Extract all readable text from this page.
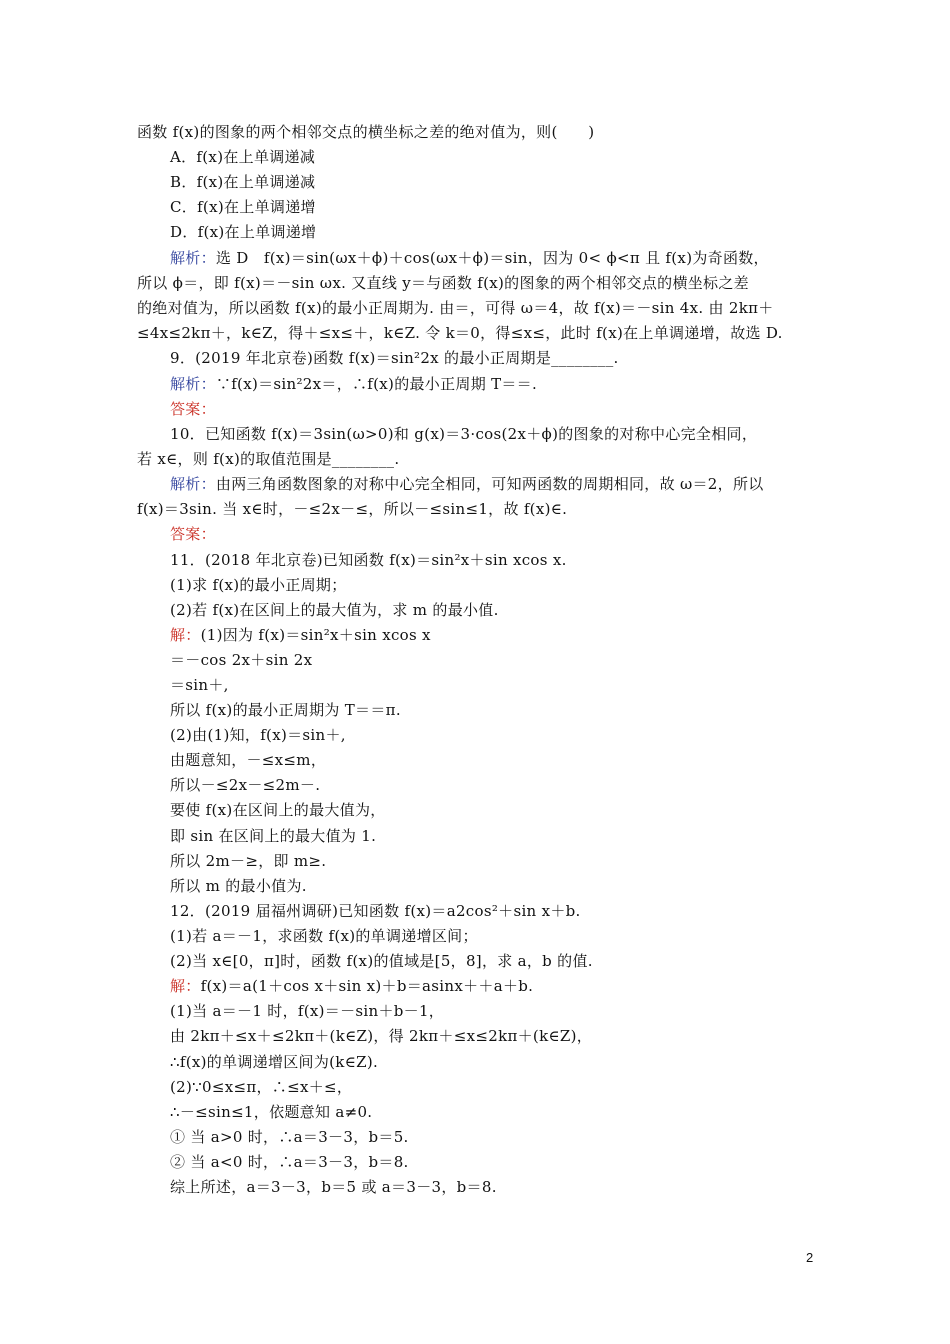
函数 f(x)的图象的两个相邻交点的横坐标之差的绝对值为，则(　　)
A．f(x)在上单调递减
B．f(x)在上单调递减
C．f(x)在上单调递增
D．f(x)在上单调递增
解析：选 D　f(x)＝sin(ωx＋ϕ)＋cos(ωx＋ϕ)＝sin，因为 0< ϕ<π 且 f(x)为奇函数，
所以 ϕ＝，即 f(x)＝－sin ωx. 又直线 y＝与函数 f(x)的图象的两个相邻交点的横坐标之差
的绝对值为，所以函数 f(x)的最小正周期为. 由＝，可得 ω＝4，故 f(x)＝－sin 4x. 由 2kπ＋
≤4x≤2kπ＋，k∈Z，得＋≤x≤＋，k∈Z. 令 k＝0，得≤x≤，此时 f(x)在上单调递增，故选 D.
9．(2019 年北京卷)函数 f(x)＝sin²2x 的最小正周期是________.
解析：∵f(x)＝sin²2x＝，∴f(x)的最小正周期 T＝＝.
答案：
10．已知函数 f(x)＝3sin(ω>0)和 g(x)＝3·cos(2x＋ϕ)的图象的对称中心完全相同，
若 x∈，则 f(x)的取值范围是________.
解析：由两三角函数图象的对称中心完全相同，可知两函数的周期相同，故 ω＝2，所以
f(x)＝3sin. 当 x∈时，－≤2x－≤，所以－≤sin≤1，故 f(x)∈.
答案：
11．(2018 年北京卷)已知函数 f(x)＝sin²x＋sin xcos x.
(1)求 f(x)的最小正周期；
(2)若 f(x)在区间上的最大值为，求 m 的最小值.
解：(1)因为 f(x)＝sin²x＋sin xcos x
＝－cos 2x＋sin 2x
＝sin＋,
所以 f(x)的最小正周期为 T＝＝π.
(2)由(1)知，f(x)＝sin＋,
由题意知，－≤x≤m，
所以－≤2x－≤2m－.
要使 f(x)在区间上的最大值为，
即 sin 在区间上的最大值为 1.
所以 2m－≥，即 m≥.
所以 m 的最小值为.
12．(2019 届福州调研)已知函数 f(x)＝a2cos²＋sin x＋b.
(1)若 a＝－1，求函数 f(x)的单调递增区间；
(2)当 x∈[0，π]时，函数 f(x)的值域是[5，8]，求 a，b 的值.
解：f(x)＝a(1＋cos x＋sin x)＋b＝asinx＋＋a＋b.
(1)当 a＝－1 时，f(x)＝－sin＋b－1，
由 2kπ＋≤x＋≤2kπ＋(k∈Z)，得 2kπ＋≤x≤2kπ＋(k∈Z)，
∴f(x)的单调递增区间为(k∈Z).
(2)∵0≤x≤π，∴≤x＋≤，
∴－≤sin≤1，依题意知 a≠0.
① 当 a>0 时，∴a＝3－3，b＝5.
② 当 a<0 时，∴a＝3－3，b＝8.
综上所述，a＝3－3，b＝5 或 a＝3－3，b＝8.
2
